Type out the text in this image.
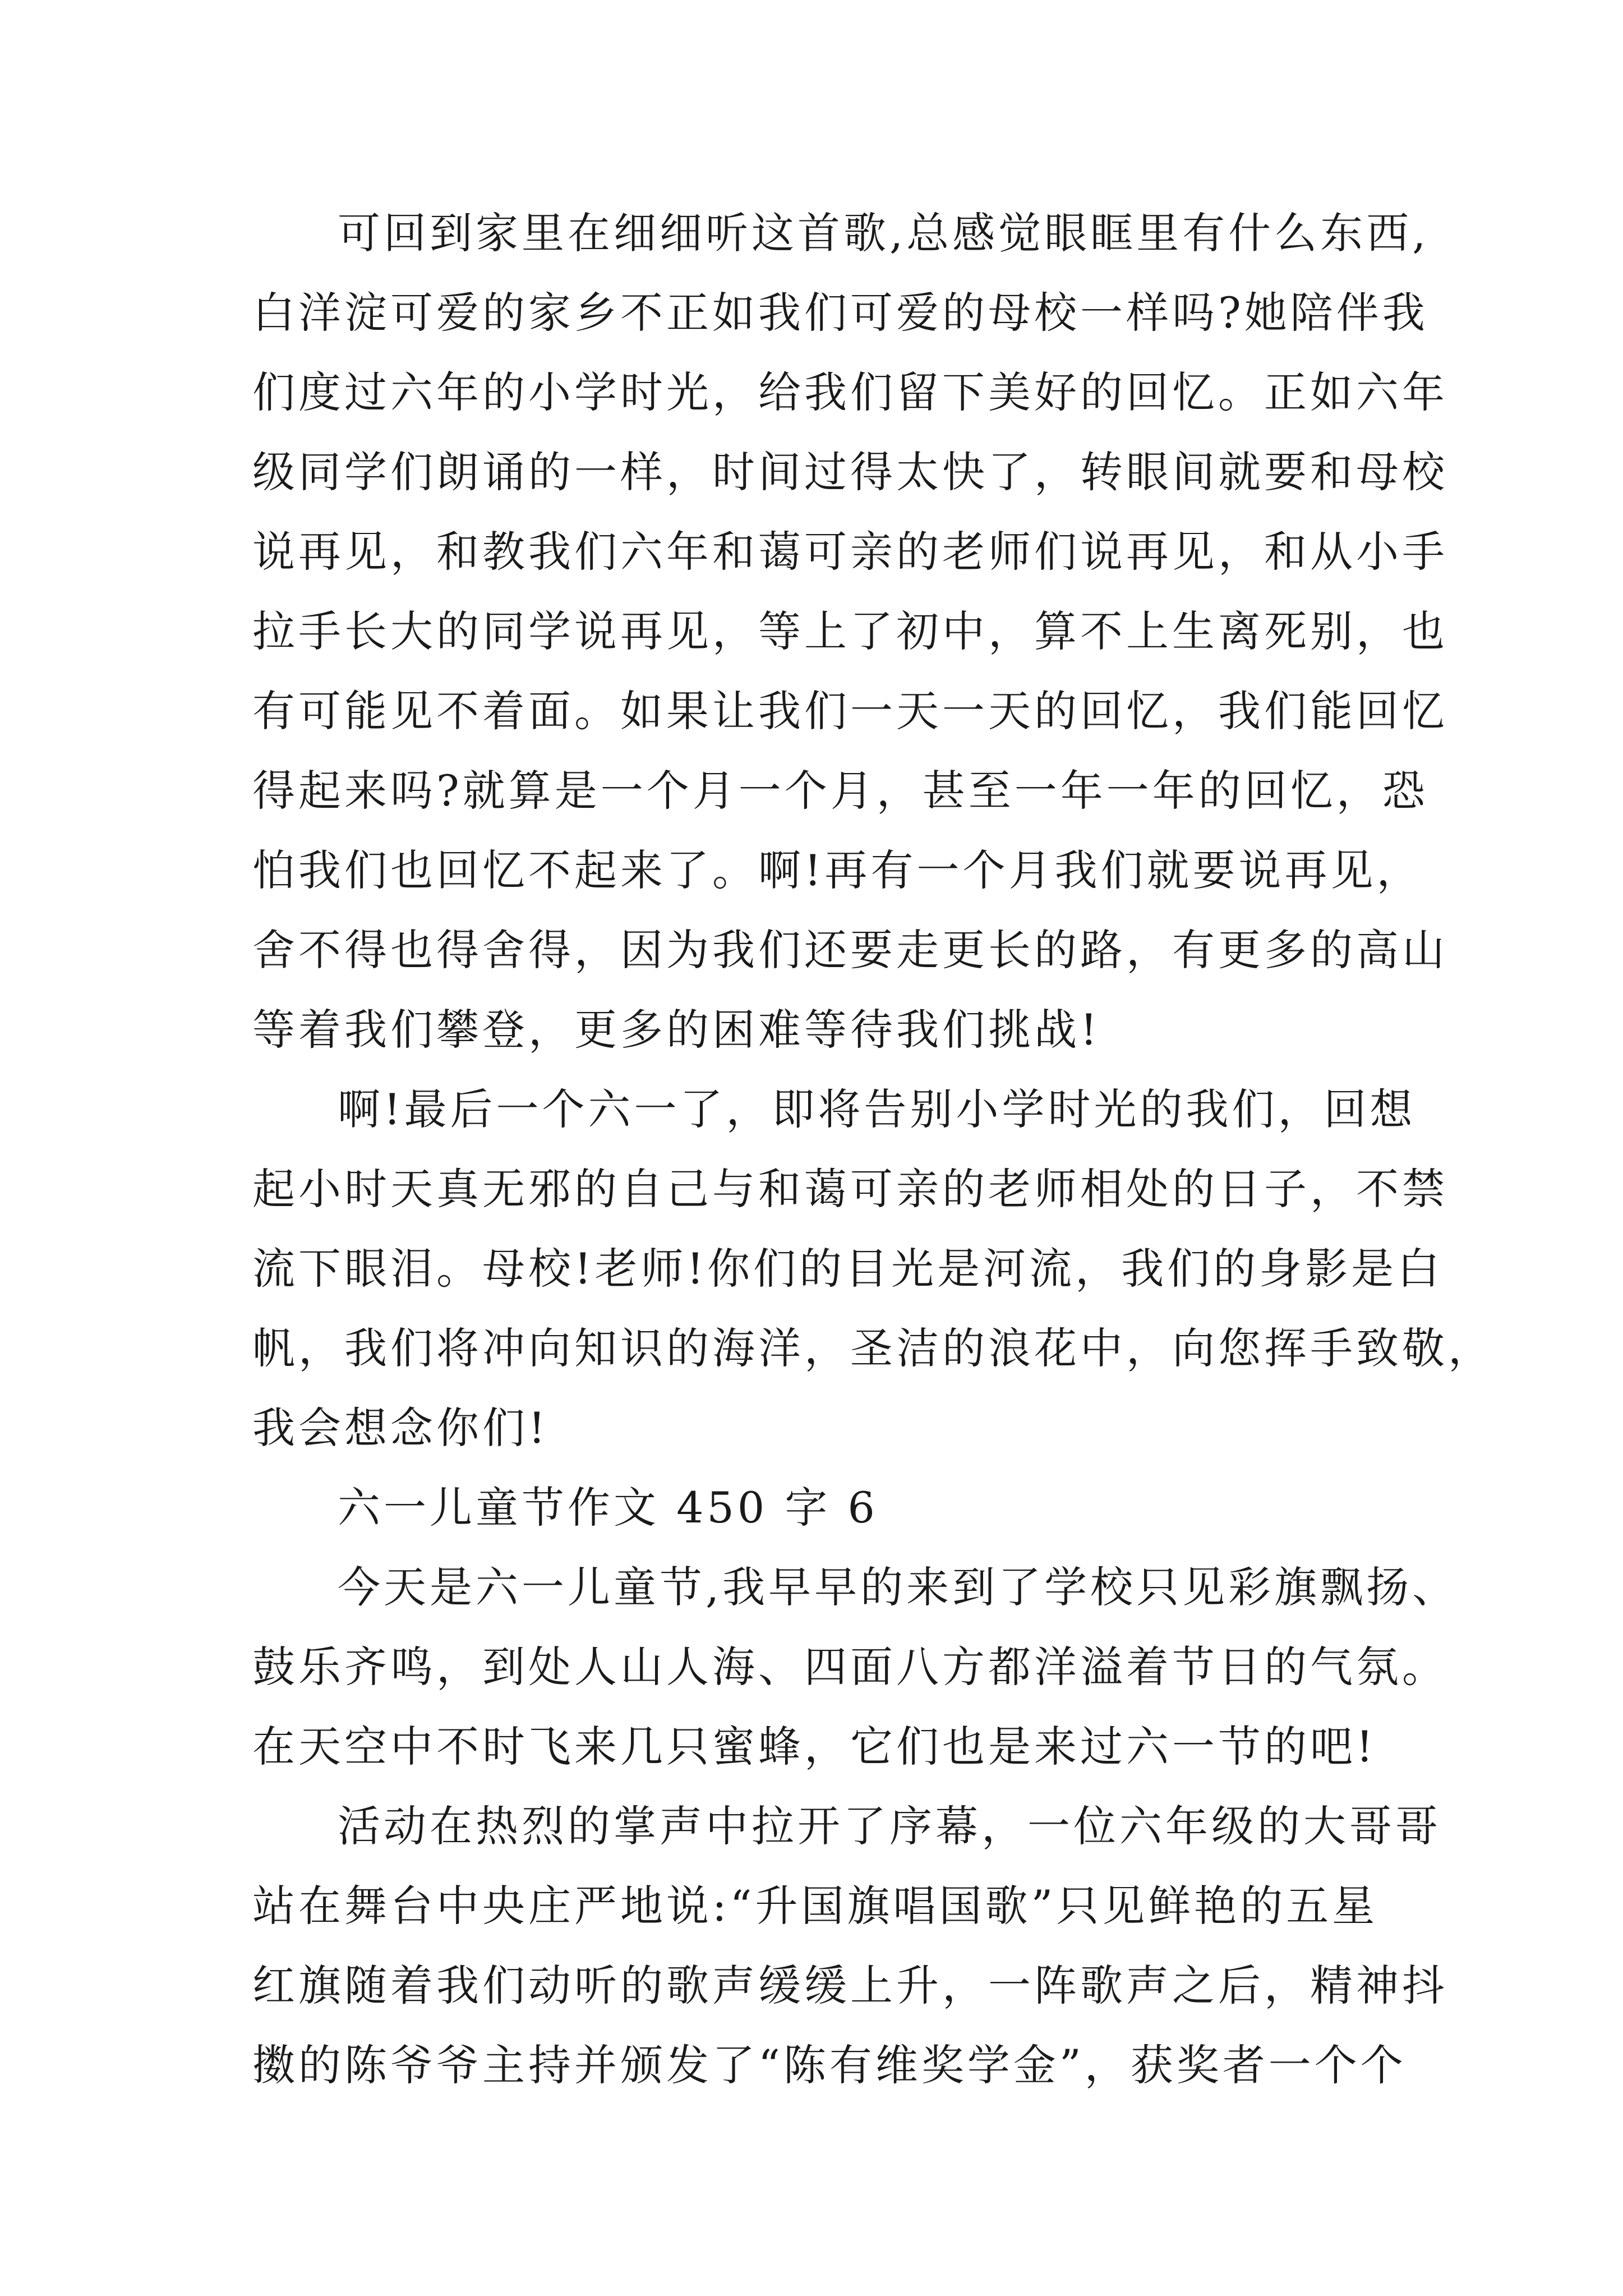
可回到家里在细细听这首歌,总感觉眼眶里有什么东西,
白洋淀可爱的家乡不正如我们可爱的母校一样吗?她陪伴我
们度过六年的小学时光，给我们留下美好的回忆。正如六年
级同学们朗诵的一样，时间过得太快了，转眼间就要和母校
说再见，和教我们六年和蔼可亲的老师们说再见，和从小手
拉手长大的同学说再见，等上了初中，算不上生离死别，也
有可能见不着面。如果让我们一天一天的回忆，我们能回忆
得起来吗?就算是一个月一个月，甚至一年一年的回忆，恐
怕我们也回忆不起来了。啊!再有一个月我们就要说再见，
舍不得也得舍得，因为我们还要走更长的路，有更多的高山
等着我们攀登，更多的困难等待我们挑战!
啊!最后一个六一了，即将告别小学时光的我们，回想
起小时天真无邪的自己与和蔼可亲的老师相处的日子，不禁
流下眼泪。母校!老师!你们的目光是河流，我们的身影是白
帆，我们将冲向知识的海洋，圣洁的浪花中，向您挥手致敬，
我会想念你们!
六一儿童节作文 450 字 6
今天是六一儿童节,我早早的来到了学校只见彩旗飘扬、
鼓乐齐鸣，到处人山人海、四面八方都洋溢着节日的气氛。
在天空中不时飞来几只蜜蜂，它们也是来过六一节的吧!
活动在热烈的掌声中拉开了序幕，一位六年级的大哥哥
站在舞台中央庄严地说:“升国旗唱国歌”只见鲜艳的五星
红旗随着我们动听的歌声缓缓上升，一阵歌声之后，精神抖
擞的陈爷爷主持并颁发了“陈有维奖学金”，获奖者一个个
